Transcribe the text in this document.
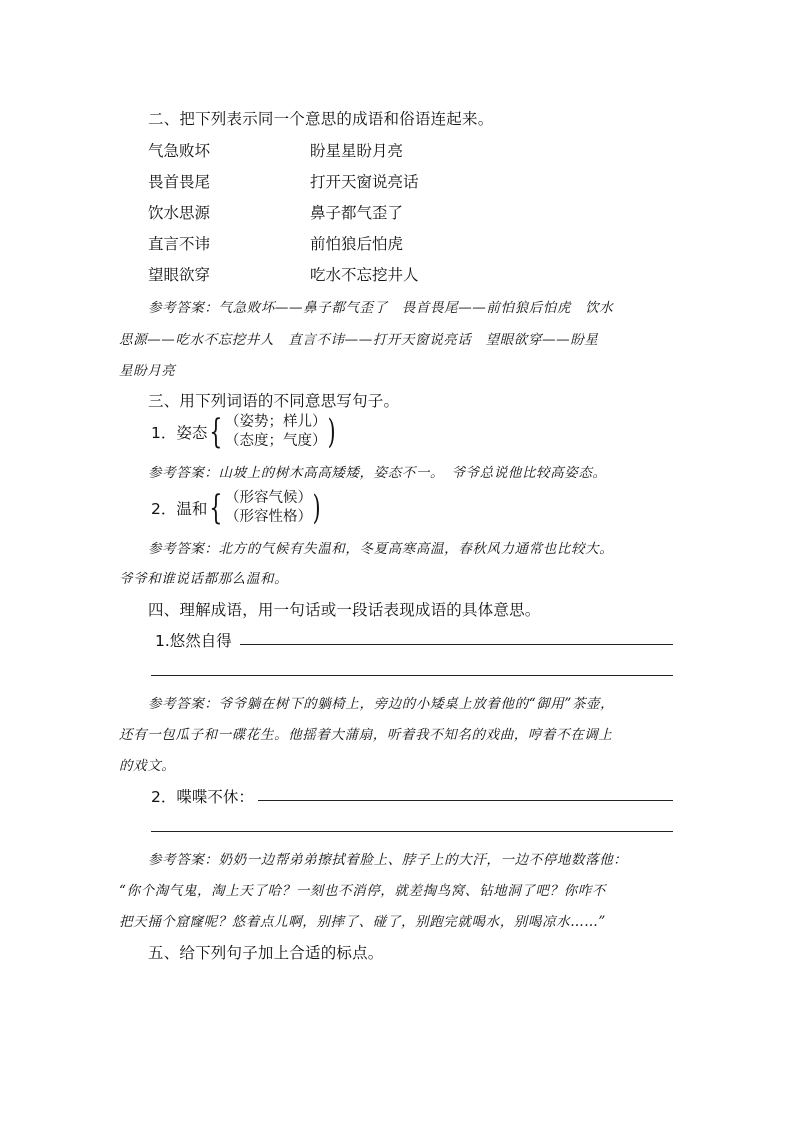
二、把下列表示同一个意思的成语和俗语连起来。
气急败坏	盼星星盼月亮
畏首畏尾	打开天窗说亮话
饮水思源	鼻子都气歪了
直言不讳	前怕狼后怕虎
望眼欲穿	吃水不忘挖井人
参考答案：气急败坏——鼻子都气歪了　畏首畏尾——前怕狼后怕虎　饮水
思源——吃水不忘挖井人　直言不讳——打开天窗说亮话　望眼欲穿——盼星
星盼月亮
三、用下列词语的不同意思写句子。
1．姿态 { （姿势；样儿）
（态度；气度） )
参考答案：山坡上的树木高高矮矮，姿态不一。　爷爷总说他比较高姿态。
2．温和 { （形容气候）
（形容性格） )
参考答案：北方的气候有失温和，冬夏高寒高温，春秋风力通常也比较大。
爷爷和谁说话都那么温和。
四、理解成语，用一句话或一段话表现成语的具体意思。
1.悠然自得
参考答案：爷爷躺在树下的躺椅上，旁边的小矮桌上放着他的“御用”茶壶，
还有一包瓜子和一碟花生。他摇着大蒲扇，听着我不知名的戏曲，哼着不在调上
的戏文。
2．喋喋不休：
参考答案：奶奶一边帮弟弟擦拭着脸上、脖子上的大汗，一边不停地数落他：
“你个淘气鬼，淘上天了哈？一刻也不消停，就差掏鸟窝、钻地洞了吧？你咋不
把天捅个窟窿呢？悠着点儿啊，别摔了、碰了，别跑完就喝水，别喝凉水……”
五、给下列句子加上合适的标点。
